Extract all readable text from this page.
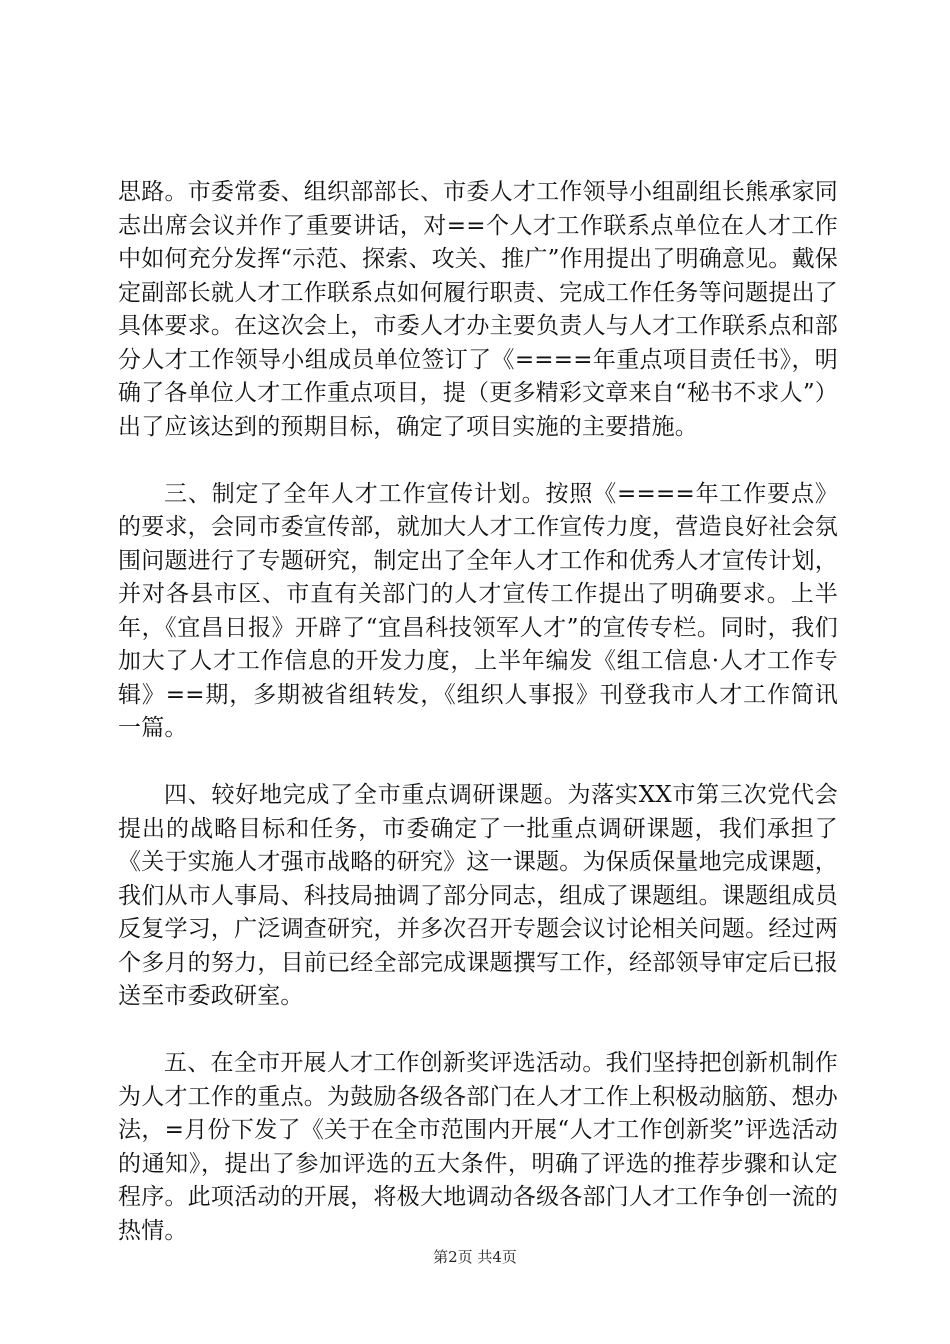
思路。市委常委、组织部部长、市委人才工作领导小组副组长熊承家同志出席会议并作了重要讲话，对==个人才工作联系点单位在人才工作中如何充分发挥“示范、探索、攻关、推广”作用提出了明确意见。戴保定副部长就人才工作联系点如何履行职责、完成工作任务等问题提出了具体要求。在这次会上，市委人才办主要负责人与人才工作联系点和部分人才工作领导小组成员单位签订了《====年重点项目责任书》，明确了各单位人才工作重点项目，提（更多精彩文章来自“秘书不求人”）出了应该达到的预期目标，确定了项目实施的主要措施。

三、制定了全年人才工作宣传计划。按照《====年工作要点》的要求，会同市委宣传部，就加大人才工作宣传力度，营造良好社会氛围问题进行了专题研究，制定出了全年人才工作和优秀人才宣传计划，并对各县市区、市直有关部门的人才宣传工作提出了明确要求。上半年，《宜昌日报》开辟了“宜昌科技领军人才”的宣传专栏。同时，我们加大了人才工作信息的开发力度，上半年编发《组工信息·人才工作专辑》==期，多期被省组转发，《组织人事报》刊登我市人才工作简讯一篇。

四、较好地完成了全市重点调研课题。为落实XX市第三次党代会提出的战略目标和任务，市委确定了一批重点调研课题，我们承担了《关于实施人才强市战略的研究》这一课题。为保质保量地完成课题，我们从市人事局、科技局抽调了部分同志，组成了课题组。课题组成员反复学习，广泛调查研究，并多次召开专题会议讨论相关问题。经过两个多月的努力，目前已经全部完成课题撰写工作，经部领导审定后已报送至市委政研室。

五、在全市开展人才工作创新奖评选活动。我们坚持把创新机制作为人才工作的重点。为鼓励各级各部门在人才工作上积极动脑筋、想办法，=月份下发了《关于在全市范围内开展“人才工作创新奖”评选活动的通知》，提出了参加评选的五大条件，明确了评选的推荐步骤和认定程序。此项活动的开展，将极大地调动各级各部门人才工作争创一流的热情。

第2页 共4页
